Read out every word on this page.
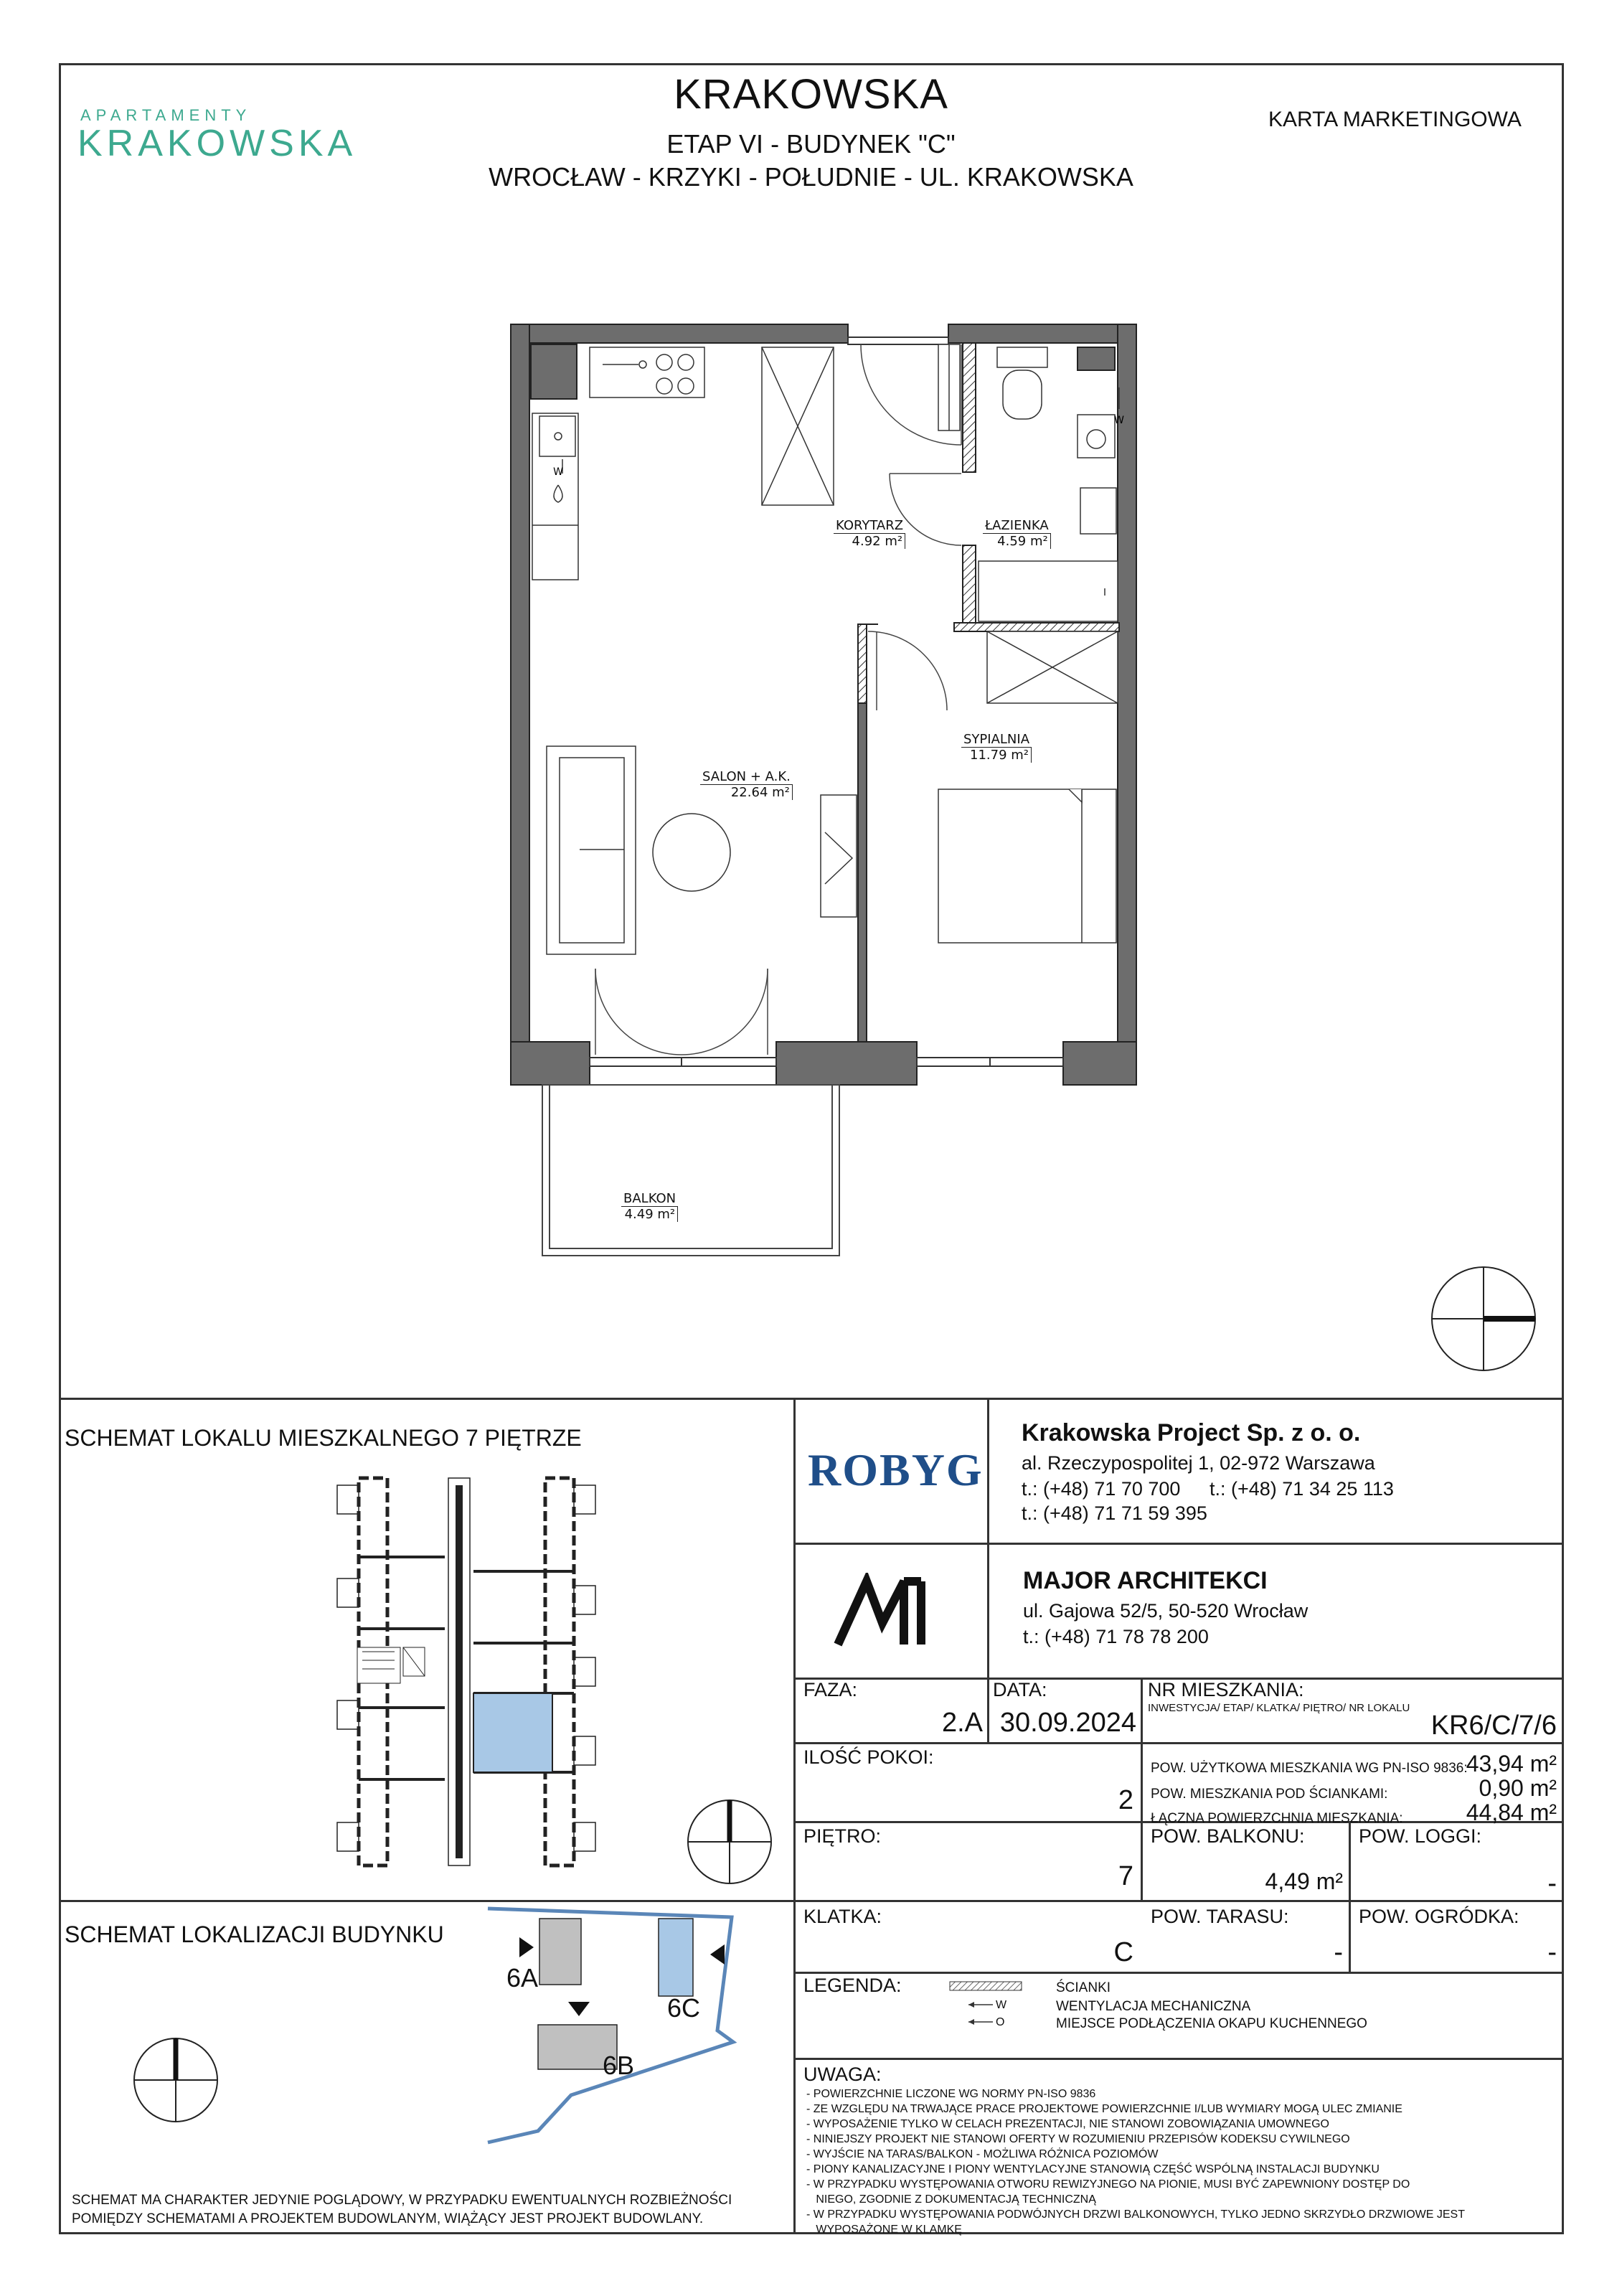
APARTAMENTY
KRAKOWSKA
KRAKOWSKA
ETAP VI - BUDYNEK "C"
WROCŁAW - KRZYKI - POŁUDNIE - UL. KRAKOWSKA
KARTA MARKETINGOWA
W
W
KORYTARZ
4.92 m²
ŁAZIENKA
4.59 m²
SYPIALNIA
11.79 m²
SALON + A.K.
22.64 m²
BALKON
4.49 m²
SCHEMAT LOKALU MIESZKALNEGO 7 PIĘTRZE
SCHEMAT LOKALIZACJI BUDYNKU
6A
6B
6C
SCHEMAT MA CHARAKTER JEDYNIE POGLĄDOWY, W PRZYPADKU EWENTUALNYCH ROZBIEŻNOŚCI
POMIĘDZY SCHEMATAMI A PROJEKTEM BUDOWLANYM, WIĄŻĄCY JEST PROJEKT BUDOWLANY.
ROBYG
Krakowska Project Sp. z o. o.
al. Rzeczypospolitej 1, 02-972 Warszawa
t.: (+48) 71 70 700 t.: (+48) 71 34 25 113
t.: (+48) 71 71 59 395
MAJOR ARCHITEKCI
ul. Gajowa 52/5, 50-520 Wrocław
t.: (+48) 71 78 78 200
FAZA:
2.A
DATA:
30.09.2024
NR MIESZKANIA:
INWESTYCJA/ ETAP/ KLATKA/ PIĘTRO/ NR LOKALU
KR6/C/7/6
ILOŚĆ POKOI:
2
POW. UŻYTKOWA MIESZKANIA WG PN-ISO 9836:
43,94 m²
POW. MIESZKANIA POD ŚCIANKAMI:	0,90 m²
ŁĄCZNA POWIERZCHNIA MIESZKANIA:	44,84 m²
PIĘTRO:
7
POW. BALKONU:
4,49 m²
POW. LOGGI:
-
KLATKA:
C
POW. TARASU:
-
POW. OGRÓDKA:
-
LEGENDA:
W
O
ŚCIANKI
WENTYLACJA MECHANICZNA
MIEJSCE PODŁĄCZENIA OKAPU KUCHENNEGO
UWAGA:
- POWIERZCHNIE LICZONE WG NORMY PN-ISO 9836
- ZE WZGLĘDU NA TRWAJĄCE PRACE PROJEKTOWE POWIERZCHNIE I/LUB WYMIARY MOGĄ ULEC ZMIANIE
- WYPOSAŻENIE TYLKO W CELACH PREZENTACJI, NIE STANOWI ZOBOWIĄZANIA UMOWNEGO
- NINIEJSZY PROJEKT NIE STANOWI OFERTY W ROZUMIENIU PRZEPISÓW KODEKSU CYWILNEGO
- WYJŚCIE NA TARAS/BALKON - MOŻLIWA RÓŻNICA POZIOMÓW
- PIONY KANALIZACYJNE I PIONY WENTYLACYJNE STANOWIĄ CZĘŚĆ WSPÓLNĄ INSTALACJI BUDYNKU
- W PRZYPADKU WYSTĘPOWANIA OTWORU REWIZYJNEGO NA PIONIE, MUSI BYĆ ZAPEWNIONY DOSTĘP DO
NIEGO, ZGODNIE Z DOKUMENTACJĄ TECHNICZNĄ
- W PRZYPADKU WYSTĘPOWANIA PODWÓJNYCH DRZWI BALKONOWYCH, TYLKO JEDNO SKRZYDŁO DRZWIOWE JEST
WYPOSAŻONE W KLAMKĘ
